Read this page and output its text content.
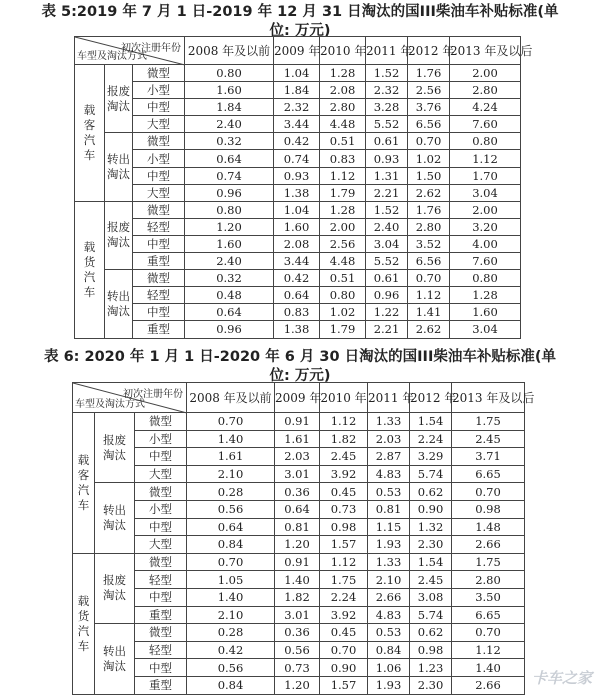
表 5:2019 年 7 月 1 日-2019 年 12 月 31 日淘汰的国III柴油车补贴标准(单
位: 万元)
初次注册年份
车型及淘汰方式			2008 年及以前	2009 年	2010 年	2011 年	2012 年	2013 年及以后

载
客
汽
车	报废
淘汰	微型	0.80	1.04	1.28	1.52	1.76	2.00
		小型	1.60	1.84	2.08	2.32	2.56	2.80
		中型	1.84	2.32	2.80	3.28	3.76	4.24
		大型	2.40	3.44	4.48	5.52	6.56	7.60

	转出
淘汰	微型	0.32	0.42	0.51	0.61	0.70	0.80
		小型	0.64	0.74	0.83	0.93	1.02	1.12
		中型	0.74	0.93	1.12	1.31	1.50	1.70
		大型	0.96	1.38	1.79	2.21	2.62	3.04

载
货
汽
车	报废
淘汰	微型	0.80	1.04	1.28	1.52	1.76	2.00
		轻型	1.20	1.60	2.00	2.40	2.80	3.20
		中型	1.60	2.08	2.56	3.04	3.52	4.00
		重型	2.40	3.44	4.48	5.52	6.56	7.60

	转出
淘汰	微型	0.32	0.42	0.51	0.61	0.70	0.80
		轻型	0.48	0.64	0.80	0.96	1.12	1.28
		中型	0.64	0.83	1.02	1.22	1.41	1.60
		重型	0.96	1.38	1.79	2.21	2.62	3.04
表 6: 2020 年 1 月 1 日-2020 年 6 月 30 日淘汰的国III柴油车补贴标准(单
位: 万元)
初次注册年份
车型及淘汰方式			2008 年及以前	2009 年	2010 年	2011 年	2012 年	2013 年及以后

载
客
汽
车	报废
淘汰	微型	0.70	0.91	1.12	1.33	1.54	1.75
		小型	1.40	1.61	1.82	2.03	2.24	2.45
		中型	1.61	2.03	2.45	2.87	3.29	3.71
		大型	2.10	3.01	3.92	4.83	5.74	6.65

	转出
淘汰	微型	0.28	0.36	0.45	0.53	0.62	0.70
		小型	0.56	0.64	0.73	0.81	0.90	0.98
		中型	0.64	0.81	0.98	1.15	1.32	1.48
		大型	0.84	1.20	1.57	1.93	2.30	2.66

载
货
汽
车	报废
淘汰	微型	0.70	0.91	1.12	1.33	1.54	1.75
		轻型	1.05	1.40	1.75	2.10	2.45	2.80
		中型	1.40	1.82	2.24	2.66	3.08	3.50
		重型	2.10	3.01	3.92	4.83	5.74	6.65

	转出
淘汰	微型	0.28	0.36	0.45	0.53	0.62	0.70
		轻型	0.42	0.56	0.70	0.84	0.98	1.12
		中型	0.56	0.73	0.90	1.06	1.23	1.40
		重型	0.84	1.20	1.57	1.93	2.30	2.66 卡车之家
